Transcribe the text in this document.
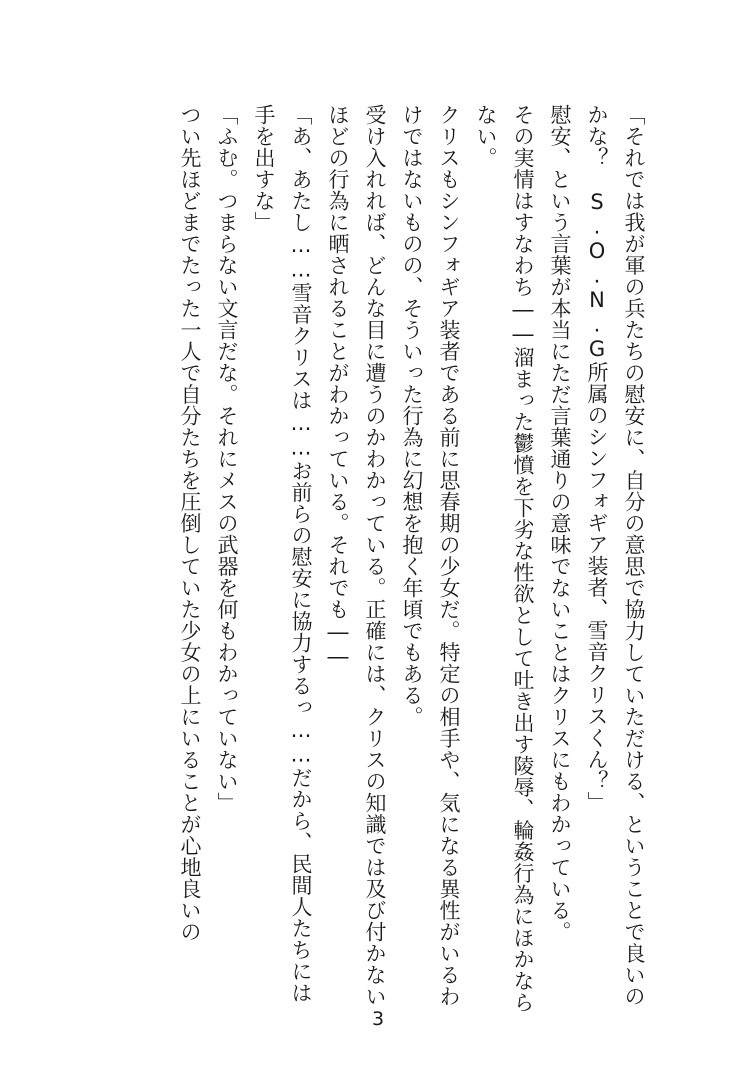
「それでは我が軍の兵たちの慰安に、自分の意思で協力していただける、ということで良いのかな？　S.O.N.G所属のシンフォギア装者、雪音クリスくん？」

慰安、という言葉が本当にただ言葉通りの意味でないことはクリスにもわかっている。

その実情はすなわち――溜まった鬱憤を下劣な性欲として吐き出す陵辱、輪姦行為にほかならない。

クリスもシンフォギア装者である前に思春期の少女だ。特定の相手や、気になる異性がいるわけではないものの、そういった行為に幻想を抱く年頃でもある。

受け入れれば、どんな目に遭うのかわかっている。正確には、クリスの知識では及び付かないほどの行為に晒されることがわかっている。それでも――

「あ、あたし……雪音クリスは……お前らの慰安に協力するっ……だから、民間人たちには手を出すな」

「ふむ。つまらない文言だな。それにメスの武器を何もわかっていない」

つい先ほどまでたった一人で自分たちを圧倒していた少女の上にいることが心地良いの

3
